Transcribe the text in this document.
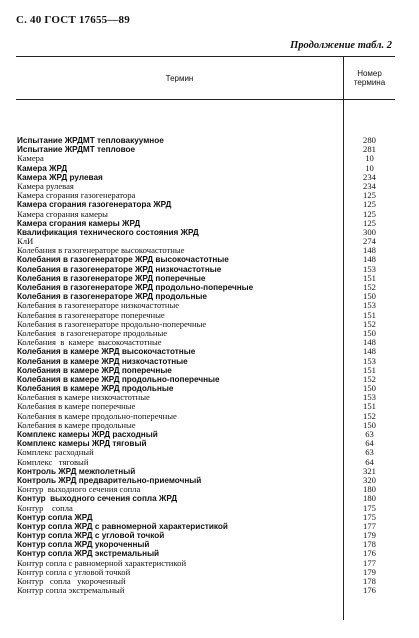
С. 40 ГОСТ 17655—89
Продолжение табл. 2
Термин	Номер
термина
Испытание ЖРДМТ тепловакуумное	280
Испытание ЖРДМТ тепловое	281
Камера	10
Камера ЖРД	10
Камера ЖРД рулевая	234
Камера рулевая	234
Камера сгорания газогенератора	125
Камера сгорания газогенератора ЖРД	125
Камера сгорания камеры	125
Камера сгорания камеры ЖРД	125
Квалификация технического состояния ЖРД	300
КлИ	274
Колебания в газогенераторе высокочастотные	148
Колебания в газогенераторе ЖРД высокочастотные	148
Колебания в газогенераторе ЖРД низкочастотные	153
Колебания в газогенераторе ЖРД поперечные	151
Колебания в газогенераторе ЖРД продольно-поперечные	152
Колебания в газогенераторе ЖРД продольные	150
Колебания в газогенераторе низкочастотные	153
Колебания в газогенераторе поперечные	151
Колебания в газогенераторе продольно-поперечные	152
Колебания  в газогенераторе продольные	150
Колебания  в  камере  высокочастотные	148
Колебания в камере ЖРД высокочастотные	148
Колебания в камере ЖРД низкочастотные	153
Колебания в камере ЖРД поперечные	151
Колебания в камере ЖРД продольно-поперечные	152
Колебания в камере ЖРД продольные	150
Колебания в камере низкочастотные	153
Колебания в камере поперечные	151
Колебания в камере продольно-поперечные	152
Колебания в камере продольные	150
Комплекс камеры ЖРД расходный	63
Комплекс камеры ЖРД тяговый	64
Комплекс расходный	63
Комплекс   тяговый	64
Контроль ЖРД межполетный	321
Контроль ЖРД предварительно-приемочный	320
Контур  выходного сечения сопла	180
Контур  выходного сечения сопла ЖРД	180
Контур    сопла	175
Контур сопла ЖРД	175
Контур сопла ЖРД с равномерной характеристикой	177
Контур сопла ЖРД с угловой точкой	179
Контур сопла ЖРД укороченный	178
Контур сопла ЖРД экстремальный	176
Контур сопла с равномерной характеристикой	177
Контур сопла с угловой точкой	179
Контур   сопла   укороченный	178
Контур сопла экстремальный	176
